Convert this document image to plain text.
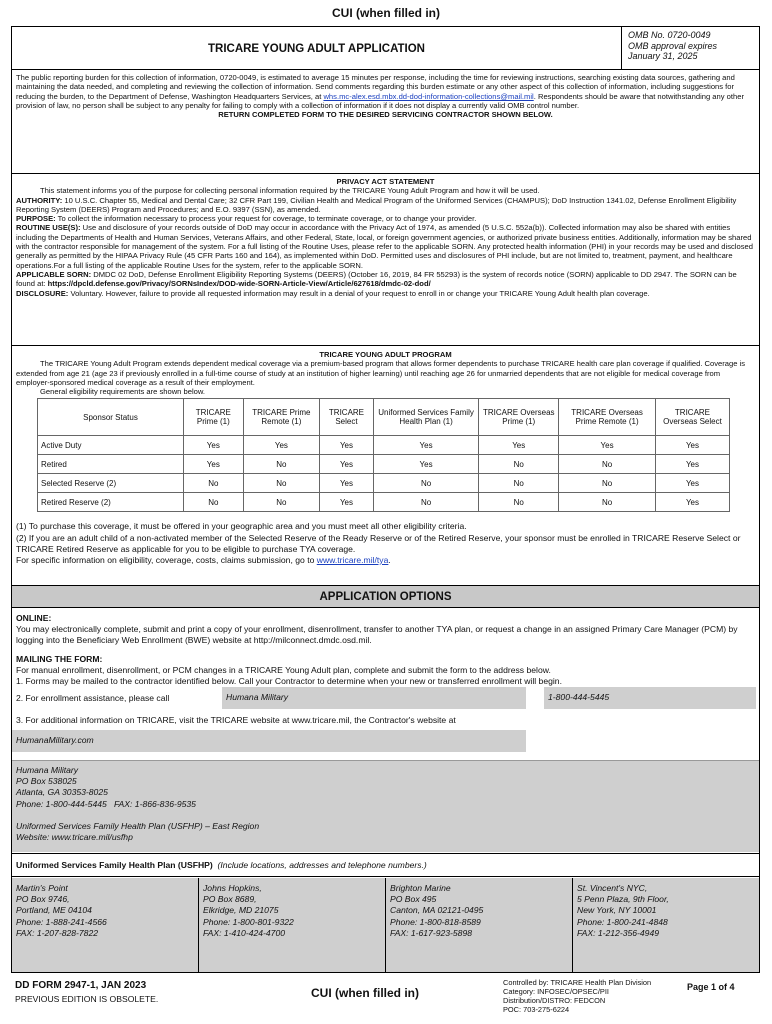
CUI (when filled in)
TRICARE YOUNG ADULT APPLICATION
OMB No. 0720-0049
OMB approval expires
January 31, 2025
The public reporting burden for this collection of information, 0720-0049, is estimated to average 15 minutes per response, including the time for reviewing instructions, searching existing data sources, gathering and maintaining the data needed, and completing and reviewing the collection of information. Send comments regarding this burden estimate or any other aspect of this collection of information, including suggestions for reducing the burden, to the Department of Defense, Washington Headquarters Services, at whs.mc-alex.esd.mbx.dd-dod-information-collections@mail.mil. Respondents should be aware that notwithstanding any other provision of law, no person shall be subject to any penalty for failing to comply with a collection of information if it does not display a currently valid OMB control number.
RETURN COMPLETED FORM TO THE DESIRED SERVICING CONTRACTOR SHOWN BELOW.
PRIVACY ACT STATEMENT
This statement informs you of the purpose for collecting personal information required by the TRICARE Young Adult Program and how it will be used.
AUTHORITY: 10 U.S.C. Chapter 55, Medical and Dental Care; 32 CFR Part 199, Civilian Health and Medical Program of the Uniformed Services (CHAMPUS); DoD Instruction 1341.02, Defense Enrollment Eligibility Reporting System (DEERS) Program and Procedures; and E.O. 9397 (SSN), as amended.
PURPOSE: To collect the information necessary to process your request for coverage, to terminate coverage, or to change your provider.
ROUTINE USE(S): Use and disclosure of your records outside of DoD may occur in accordance with the Privacy Act of 1974, as amended (5 U.S.C. 552a(b)). Collected information may also be shared with entities including the Departments of Health and Human Services, Veterans Affairs, and other Federal, State, local, or foreign government agencies, or authorized private business entities. Additionally, information may be shared with the contractor responsible for management of the system. For a full listing of the Routine Uses, please refer to the applicable SORN. Any protected health information (PHI) in your records may be used and disclosed generally as permitted by the HIPAA Privacy Rule (45 CFR Parts 160 and 164), as implemented within DoD. Permitted uses and disclosures of PHI include, but are not limited to, treatment, payment, and healthcare operations.For a full listing of the applicable Routine Uses for the system, refer to the applicable SORN.
APPLICABLE SORN: DMDC 02 DoD, Defense Enrollment Eligibility Reporting Systems (DEERS) (October 16, 2019, 84 FR 55293) is the system of records notice (SORN) applicable to DD 2947. The SORN can be found at: https://dpcld.defense.gov/Privacy/SORNsIndex/DOD-wide-SORN-Article-View/Article/627618/dmdc-02-dod/
DISCLOSURE: Voluntary. However, failure to provide all requested information may result in a denial of your request to enroll in or change your TRICARE Young Adult health plan coverage.
TRICARE YOUNG ADULT PROGRAM
The TRICARE Young Adult Program extends dependent medical coverage via a premium-based program that allows former dependents to purchase TRICARE health care plan coverage if qualified. Coverage is extended from age 21 (age 23 if previously enrolled in a full-time course of study at an institution of higher learning) until reaching age 26 for unmarried dependents that are not eligible for medical coverage from employer-sponsored medical coverage as a result of their employment.
General eligibility requirements are shown below.
Sponsor Status	TRICARE Prime (1)	TRICARE Prime Remote (1)	TRICARE Select	Uniformed Services Family Health Plan (1)	TRICARE Overseas Prime (1)	TRICARE Overseas Prime Remote (1)	TRICARE Overseas Select
Active Duty	Yes	Yes	Yes	Yes	Yes	Yes	Yes
Retired	Yes	No	Yes	Yes	No	No	Yes
Selected Reserve (2)	No	No	Yes	No	No	No	Yes
Retired Reserve (2)	No	No	Yes	No	No	No	Yes
(1) To purchase this coverage, it must be offered in your geographic area and you must meet all other eligibility criteria.
(2) If you are an adult child of a non-activated member of the Selected Reserve of the Ready Reserve or of the Retired Reserve, your sponsor must be enrolled in TRICARE Reserve Select or TRICARE Retired Reserve as applicable for you to be eligible to purchase TYA coverage.
For specific information on eligibility, coverage, costs, claims submission, go to www.tricare.mil/tya.
APPLICATION OPTIONS
ONLINE:
You may electronically complete, submit and print a copy of your enrollment, disenrollment, transfer to another TYA plan, or request a change in an assigned Primary Care Manager (PCM) by logging into the Beneficiary Web Enrollment (BWE) website at http://milconnect.dmdc.osd.mil.
MAILING THE FORM:
For manual enrollment, disenrollment, or PCM changes in a TRICARE Young Adult plan, complete and submit the form to the address below.
1. Forms may be mailed to the contractor identified below. Call your Contractor to determine when your new or transferred enrollment will begin.
2. For enrollment assistance, please call	Humana Military	1-800-444-5445
3. For additional information on TRICARE, visit the TRICARE website at www.tricare.mil, the Contractor's website at
HumanaMilitary.com
Humana Military
PO Box 538025
Atlanta, GA 30353-8025
Phone: 1-800-444-5445   FAX: 1-866-836-9535
Uniformed Services Family Health Plan (USFHP) – East Region
Website: www.tricare.mil/usfhp
Uniformed Services Family Health Plan (USFHP) (Include locations, addresses and telephone numbers.)
Martin's Point
PO Box 9746,
Portland, ME 04104
Phone: 1-888-241-4566
FAX: 1-207-828-7822
Johns Hopkins,
PO Box 8689,
Elkridge, MD 21075
Phone: 1-800-801-9322
FAX: 1-410-424-4700
Brighton Marine
PO Box 495
Canton, MA 02121-0495
Phone: 1-800-818-8589
FAX: 1-617-923-5898
St. Vincent's NYC,
5 Penn Plaza, 9th Floor,
New York, NY 10001
Phone: 1-800-241-4848
FAX: 1-212-356-4949
DD FORM 2947-1, JAN 2023
PREVIOUS EDITION IS OBSOLETE.	CUI (when filled in)
Controlled by: TRICARE Health Plan Division
Category: INFOSEC/OPSEC/PII
Distribution/DISTRO: FEDCON
POC: 703-275-6224
Page 1 of 4
